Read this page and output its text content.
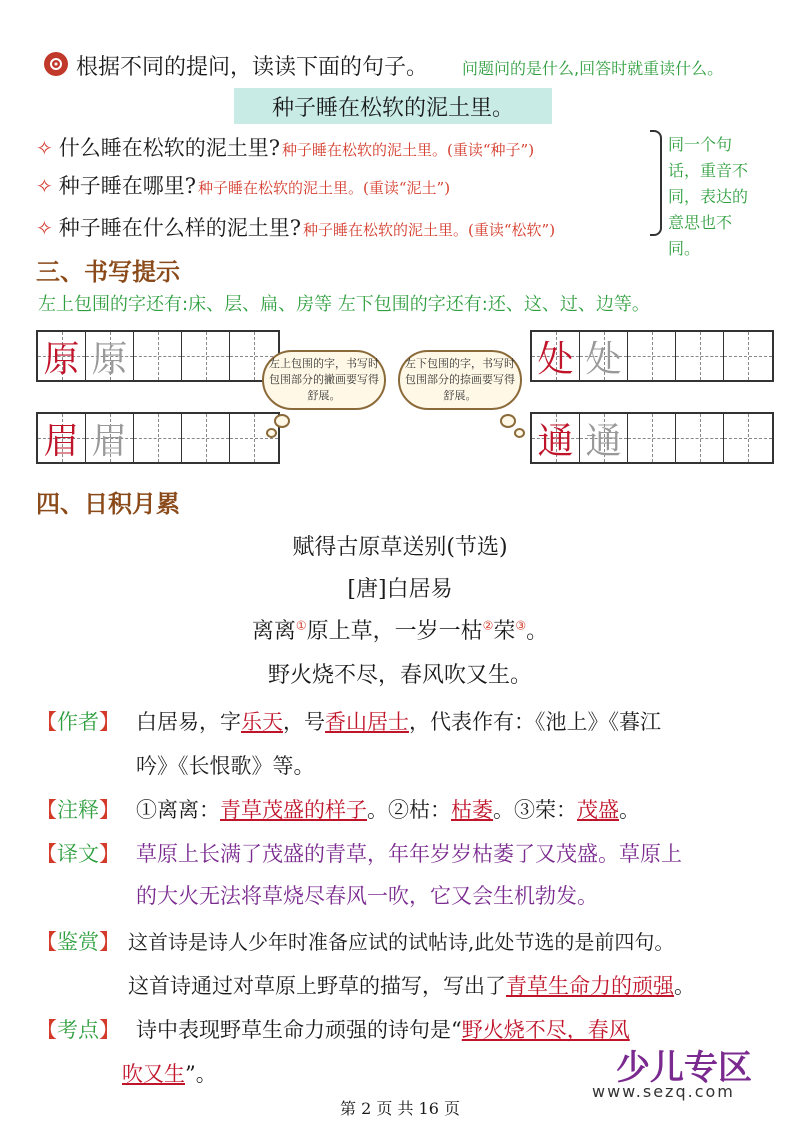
根据不同的提问，读读下面的句子。 问题问的是什么,回答时就重读什么。
种子睡在松软的泥土里。
✧ 什么睡在松软的泥土里? 种子睡在松软的泥土里。(重读“种子”)
✧ 种子睡在哪里? 种子睡在松软的泥土里。(重读“泥土”)
✧ 种子睡在什么样的泥土里? 种子睡在松软的泥土里。(重读“松软”)
同一个句话，重音不同，表达的意思也不同。
三、书写提示
左上包围的字还有:床、层、扁、房等 左下包围的字还有:还、这、过、边等。
原 原
眉 眉
处 处
通 通
左上包围的字，书写时包围部分的撇画要写得舒展。
左下包围的字，书写时包围部分的捺画要写得舒展。
四、日积月累
赋得古原草送别(节选)
[唐]白居易
离离①原上草，一岁一枯②荣③。
野火烧不尽，春风吹又生。
【作者】 白居易，字乐天，号香山居士，代表作有：《池上》《暮江
吟》《长恨歌》等。
【注释】 ①离离：青草茂盛的样子。②枯：枯萎。③荣：茂盛。
【译文】 草原上长满了茂盛的青草，年年岁岁枯萎了又茂盛。草原上
的大火无法将草烧尽春风一吹，它又会生机勃发。
【鉴赏】 这首诗是诗人少年时准备应试的试帖诗,此处节选的是前四句。
这首诗通过对草原上野草的描写，写出了青草生命力的顽强。
【考点】 诗中表现野草生命力顽强的诗句是“野火烧不尽，春风
吹又生”。	少儿专区
www.sezq.com
第 2 页 共 16 页
